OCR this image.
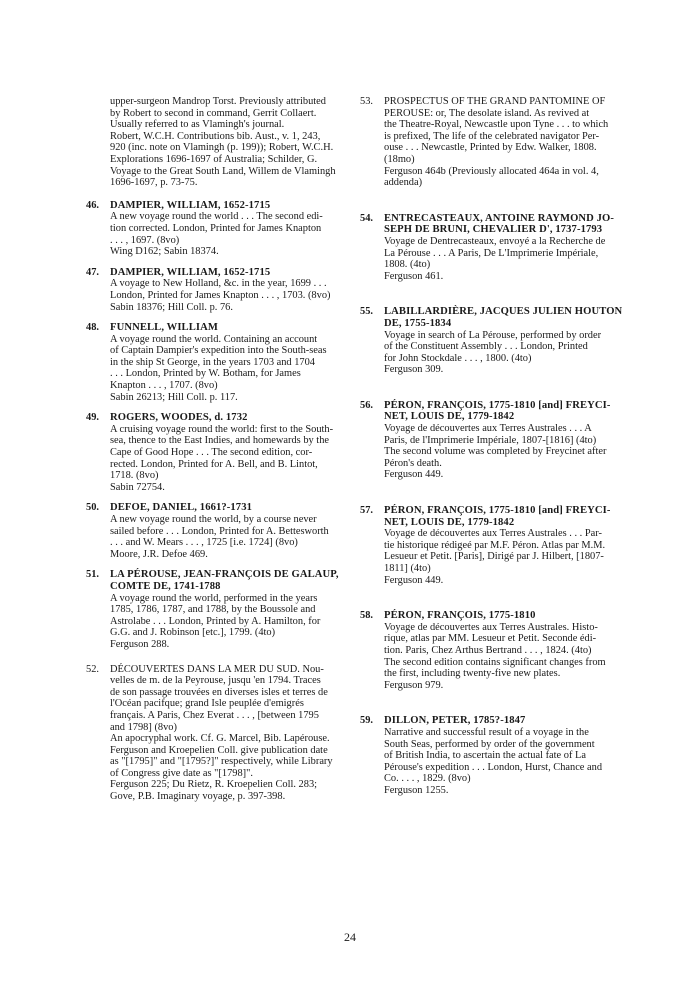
upper-surgeon Mandrop Torst. Previously attributed
by Robert to second in command, Gerrit Collaert.
Usually referred to as Vlamingh's journal.
Robert, W.C.H. Contributions bib. Aust., v. 1, 243,
920 (inc. note on Vlamingh (p. 199)); Robert, W.C.H.
Explorations 1696-1697 of Australia; Schilder, G.
Voyage to the Great South Land, Willem de Vlamingh
1696-1697, p. 73-75.
46. DAMPIER, WILLIAM, 1652-1715
A new voyage round the world . . . The second edi-
tion corrected. London, Printed for James Knapton
. . . , 1697. (8vo)
Wing D162; Sabin 18374.
47. DAMPIER, WILLIAM, 1652-1715
A voyage to New Holland, &c. in the year, 1699 . . .
London, Printed for James Knapton . . . , 1703. (8vo)
Sabin 18376; Hill Coll. p. 76.
48. FUNNELL, WILLIAM
A voyage round the world. Containing an account
of Captain Dampier's expedition into the South-seas
in the ship St George, in the years 1703 and 1704
. . . London, Printed by W. Botham, for James
Knapton . . . , 1707. (8vo)
Sabin 26213; Hill Coll. p. 117.
49. ROGERS, WOODES, d. 1732
A cruising voyage round the world: first to the South-
sea, thence to the East Indies, and homewards by the
Cape of Good Hope . . . The second edition, cor-
rected. London, Printed for A. Bell, and B. Lintot,
1718. (8vo)
Sabin 72754.
50. DEFOE, DANIEL, 1661?-1731
A new voyage round the world, by a course never
sailed before . . . London, Printed for A. Bettesworth
. . . and W. Mears . . . , 1725 [i.e. 1724] (8vo)
Moore, J.R. Defoe 469.
51. LA PÉROUSE, JEAN-FRANÇOIS DE GALAUP,
COMTE DE, 1741-1788
A voyage round the world, performed in the years
1785, 1786, 1787, and 1788, by the Boussole and
Astrolabe . . . London, Printed by A. Hamilton, for
G.G. and J. Robinson [etc.], 1799. (4to)
Ferguson 288.
52. DÉCOUVERTES DANS LA MER DU SUD. Nou-
velles de m. de la Peyrouse, jusqu 'en 1794. Traces
de son passage trouvées en diverses isles et terres de
l'Océan pacifque; grand Isle peuplée d'emigrés
français. A Paris, Chez Everat . . . , [between 1795
and 1798] (8vo)
An apocryphal work. Cf. G. Marcel, Bib. Lapérouse.
Ferguson and Kroepelien Coll. give publication date
as "[1795]" and "[1795?]" respectively, while Library
of Congress give date as "[1798]".
Ferguson 225; Du Rietz, R. Kroepelien Coll. 283;
Gove, P.B. Imaginary voyage, p. 397-398.
53. PROSPECTUS OF THE GRAND PANTOMINE OF
PEROUSE: or, The desolate island. As revived at
the Theatre-Royal, Newcastle upon Tyne . . . to which
is prefixed, The life of the celebrated navigator Per-
ouse . . . Newcastle, Printed by Edw. Walker, 1808.
(18mo)
Ferguson 464b (Previously allocated 464a in vol. 4,
addenda)
54. ENTRECASTEAUX, ANTOINE RAYMOND JO-
SEPH DE BRUNI, CHEVALIER D', 1737-1793
Voyage de Dentrecasteaux, envoyé a la Recherche de
La Pérouse . . . A Paris, De L'Imprimerie Impériale,
1808. (4to)
Ferguson 461.
55. LABILLARDIÈRE, JACQUES JULIEN HOUTON
DE, 1755-1834
Voyage in search of La Pérouse, performed by order
of the Constituent Assembly . . . London, Printed
for John Stockdale . . . , 1800. (4to)
Ferguson 309.
56. PÉRON, FRANÇOIS, 1775-1810 [and] FREYCI-
NET, LOUIS DE, 1779-1842
Voyage de découvertes aux Terres Australes . . . A
Paris, de l'Imprimerie Impériale, 1807-[1816] (4to)
The second volume was completed by Freycinet after
Péron's death.
Ferguson 449.
57. PÉRON, FRANÇOIS, 1775-1810 [and] FREYCI-
NET, LOUIS DE, 1779-1842
Voyage de découvertes aux Terres Australes . . . Par-
tie historique rédigeé par M.F. Péron. Atlas par M.M.
Lesueur et Petit. [Paris], Dirigé par J. Hilbert, [1807-
1811] (4to)
Ferguson 449.
58. PÉRON, FRANÇOIS, 1775-1810
Voyage de découvertes aux Terres Australes. Histo-
rique, atlas par MM. Lesueur et Petit. Seconde édi-
tion. Paris, Chez Arthus Bertrand . . . , 1824. (4to)
The second edition contains significant changes from
the first, including twenty-five new plates.
Ferguson 979.
59. DILLON, PETER, 1785?-1847
Narrative and successful result of a voyage in the
South Seas, performed by order of the government
of British India, to ascertain the actual fate of La
Pérouse's expedition . . . London, Hurst, Chance and
Co. . . . , 1829. (8vo)
Ferguson 1255.
24
